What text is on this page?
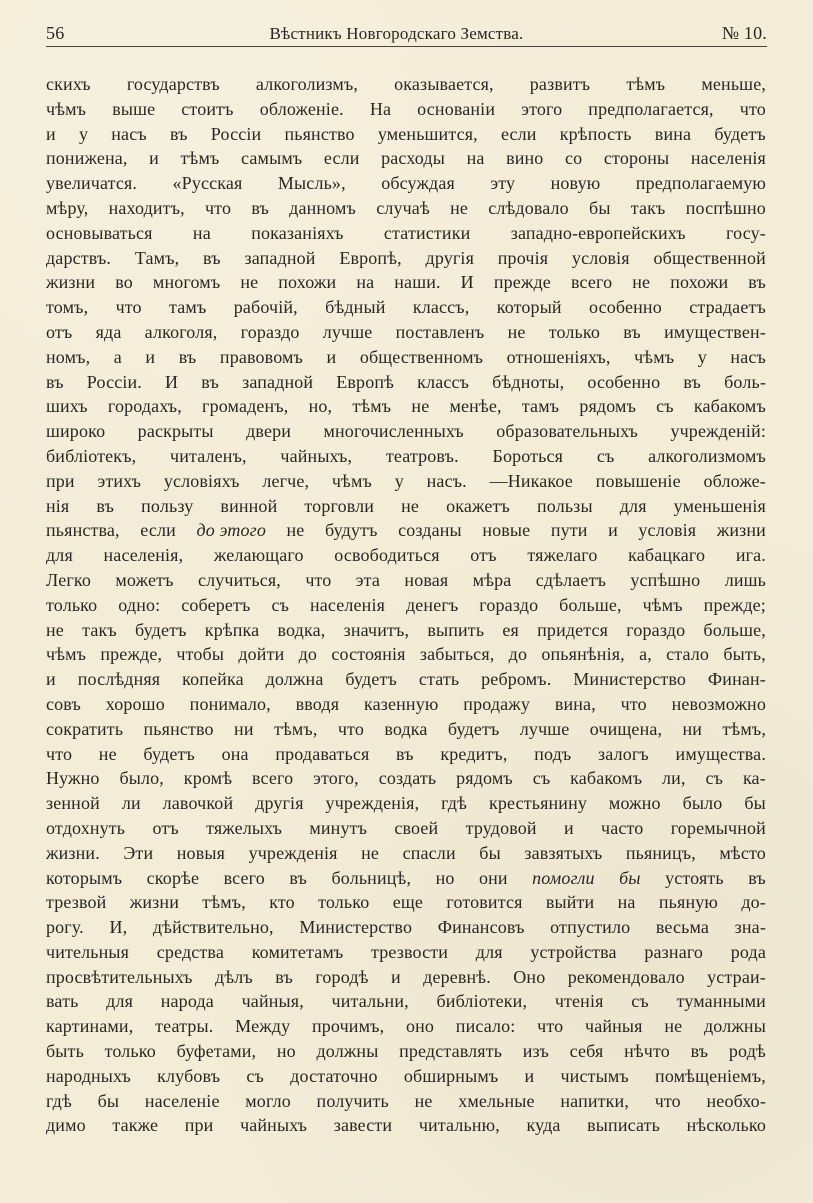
56	Вѣстникъ Новгородскаго Земства.	№ 10.
скихъ государствъ алкоголизмъ, оказывается, развитъ тѣмъ меньше,
чѣмъ выше стоитъ обложеніе. На основаніи этого предполагается, что
и у насъ въ Россіи пьянство уменьшится, если крѣпость вина будетъ
понижена, и тѣмъ самымъ если расходы на вино со стороны населенія
увеличатся. «Русская Мысль», обсуждая эту новую предполагаемую
мѣру, находитъ, что въ данномъ случаѣ не слѣдовало бы такъ поспѣшно
основываться на показаніяхъ статистики западно-европейскихъ госу-
дарствъ. Тамъ, въ западной Европѣ, другія прочія условія общественной
жизни во многомъ не похожи на наши. И прежде всего не похожи въ
томъ, что тамъ рабочій, бѣдный классъ, который особенно страдаетъ
отъ яда алкоголя, гораздо лучше поставленъ не только въ имуществен-
номъ, а и въ правовомъ и общественномъ отношеніяхъ, чѣмъ у насъ
въ Россіи. И въ западной Европѣ классъ бѣдноты, особенно въ боль-
шихъ городахъ, громаденъ, но, тѣмъ не менѣе, тамъ рядомъ съ кабакомъ
широко раскрыты двери многочисленныхъ образовательныхъ учрежденій:
библіотекъ, читаленъ, чайныхъ, театровъ. Бороться съ алкоголизмомъ
при этихъ условіяхъ легче, чѣмъ у насъ. —Никакое повышеніе обложе-
нія въ пользу винной торговли не окажетъ пользы для уменьшенія
пьянства, если до этого не будутъ созданы новые пути и условія жизни
для населенія, желающаго освободиться отъ тяжелаго кабацкаго ига.
Легко можетъ случиться, что эта новая мѣра сдѣлаетъ успѣшно лишь
только одно: соберетъ съ населенія денегъ гораздо больше, чѣмъ прежде;
не такъ будетъ крѣпка водка, значитъ, выпить ея придется гораздо больше,
чѣмъ прежде, чтобы дойти до состоянія забыться, до опьянѣнія, а, стало быть,
и послѣдняя копейка должна будетъ стать ребромъ. Министерство Финан-
совъ хорошо понимало, вводя казенную продажу вина, что невозможно
сократить пьянство ни тѣмъ, что водка будетъ лучше очищена, ни тѣмъ,
что не будетъ она продаваться въ кредитъ, подъ залогъ имущества.
Нужно было, кромѣ всего этого, создать рядомъ съ кабакомъ ли, съ ка-
зенной ли лавочкой другія учрежденія, гдѣ крестьянину можно было бы
отдохнуть отъ тяжелыхъ минутъ своей трудовой и часто горемычной
жизни. Эти новыя учрежденія не спасли бы завзятыхъ пьяницъ, мѣсто
которымъ скорѣе всего въ больницѣ, но они помогли бы устоять въ
трезвой жизни тѣмъ, кто только еще готовится выйти на пьяную до-
рогу. И, дѣйствительно, Министерство Финансовъ отпустило весьма зна-
чительныя средства комитетамъ трезвости для устройства разнаго рода
просвѣтительныхъ дѣлъ въ городѣ и деревнѣ. Оно рекомендовало устраи-
вать для народа чайныя, читальни, библіотеки, чтенія съ туманными
картинами, театры. Между прочимъ, оно писало: что чайныя не должны
быть только буфетами, но должны представлять изъ себя нѣчто въ родѣ
народныхъ клубовъ съ достаточно обширнымъ и чистымъ помѣщеніемъ,
гдѣ бы населеніе могло получить не хмельные напитки, что необхо-
димо также при чайныхъ завести читальню, куда выписать нѣсколько
